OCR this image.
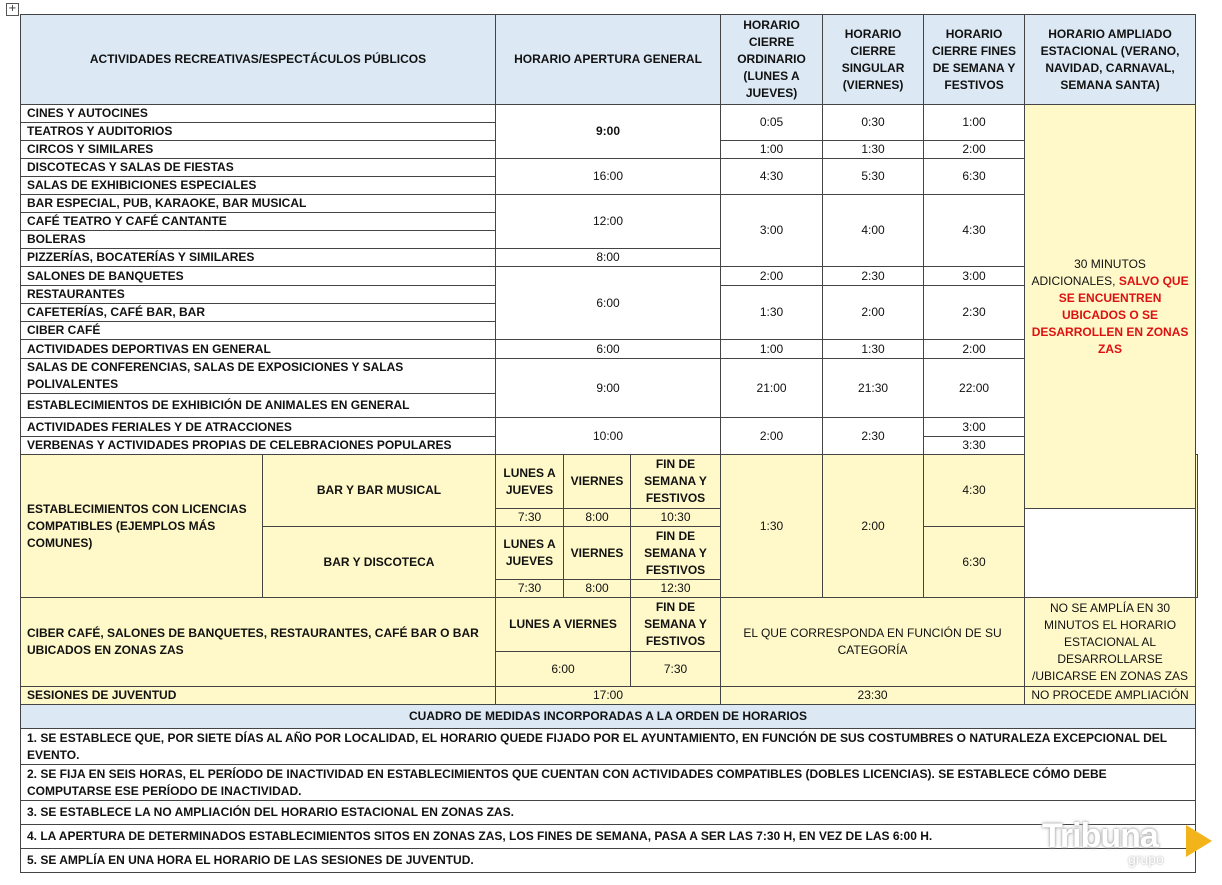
+
ACTIVIDADES RECREATIVAS/ESPECTÁCULOS PÚBLICOS		HORARIO APERTURA GENERAL			HORARIO CIERRE ORDINARIO (LUNES A JUEVES)	HORARIO CIERRE SINGULAR (VIERNES)	HORARIO CIERRE FINES DE SEMANA Y FESTIVOS	HORARIO AMPLIADO ESTACIONAL (VERANO, NAVIDAD, CARNAVAL, SEMANA SANTA)	
CINES Y AUTOCINES		9:00			0:05	0:30	1:00	30 MINUTOS ADICIONALES, SALVO QUE SE ENCUENTREN UBICADOS O SE DESARROLLEN EN ZONAS ZAS	
TEATROS Y AUDITORIOS									
CIRCOS Y SIMILARES					1:00	1:30	2:00		
DISCOTECAS Y SALAS DE FIESTAS		16:00			4:30	5:30	6:30		
SALAS DE EXHIBICIONES ESPECIALES									
BAR ESPECIAL, PUB, KARAOKE, BAR MUSICAL		12:00			3:00	4:00	4:30		
CAFÉ TEATRO Y CAFÉ CANTANTE									
BOLERAS									
PIZZERÍAS, BOCATERÍAS Y SIMILARES		8:00							
SALONES DE BANQUETES		6:00			2:00	2:30	3:00		
RESTAURANTES					1:30	2:00	2:30		
CAFETERÍAS, CAFÉ BAR, BAR									
CIBER CAFÉ									
ACTIVIDADES DEPORTIVAS EN GENERAL		6:00			1:00	1:30	2:00		
SALAS DE CONFERENCIAS, SALAS DE EXPOSICIONES Y SALAS POLIVALENTES		9:00			21:00	21:30	22:00		
ESTABLECIMIENTOS DE EXHIBICIÓN DE ANIMALES EN GENERAL									
ACTIVIDADES FERIALES Y DE ATRACCIONES		10:00			2:00	2:30	3:00		
VERBENAS Y ACTIVIDADES PROPIAS DE CELEBRACIONES POPULARES							3:30		
ESTABLECIMIENTOS CON LICENCIAS COMPATIBLES (EJEMPLOS MÁS COMUNES)	BAR Y BAR MUSICAL	LUNES A JUEVES	VIERNES	FIN DE SEMANA Y FESTIVOS	1:30	2:00	4:30		
		7:30	8:00	10:30					
	BAR Y DISCOTECA	LUNES A JUEVES	VIERNES	FIN DE SEMANA Y FESTIVOS			6:30		
		7:30	8:00	12:30					
CIBER CAFÉ, SALONES DE BANQUETES, RESTAURANTES, CAFÉ BAR O BAR UBICADOS EN ZONAS ZAS		LUNES A VIERNES		FIN DE SEMANA Y FESTIVOS	EL QUE CORRESPONDA EN FUNCIÓN DE SU CATEGORÍA			NO SE AMPLÍA EN 30 MINUTOS EL HORARIO ESTACIONAL AL DESARROLLARSE /UBICARSE EN ZONAS ZAS	
		6:00		7:30					
SESIONES DE JUVENTUD		17:00			23:30			NO PROCEDE AMPLIACIÓN	
CUADRO DE MEDIDAS INCORPORADAS A LA ORDEN DE HORARIOS									
1. SE ESTABLECE QUE, POR SIETE DÍAS AL AÑO POR LOCALIDAD, EL HORARIO QUEDE FIJADO POR EL AYUNTAMIENTO, EN FUNCIÓN DE SUS COSTUMBRES O NATURALEZA EXCEPCIONAL DEL EVENTO.									
2. SE FIJA EN SEIS HORAS, EL PERÍODO DE INACTIVIDAD EN ESTABLECIMIENTOS QUE CUENTAN CON ACTIVIDADES COMPATIBLES (DOBLES LICENCIAS). SE ESTABLECE CÓMO DEBE COMPUTARSE ESE PERÍODO DE INACTIVIDAD.									
3. SE ESTABLECE LA NO AMPLIACIÓN DEL HORARIO ESTACIONAL EN ZONAS ZAS.									
4. LA APERTURA DE DETERMINADOS ESTABLECIMIENTOS SITOS EN ZONAS ZAS, LOS FINES DE SEMANA, PASA A SER LAS 7:30 H, EN VEZ DE LAS 6:00 H.									
5. SE AMPLÍA EN UNA HORA EL HORARIO DE LAS SESIONES DE JUVENTUD.									
Tribuna
grupo
